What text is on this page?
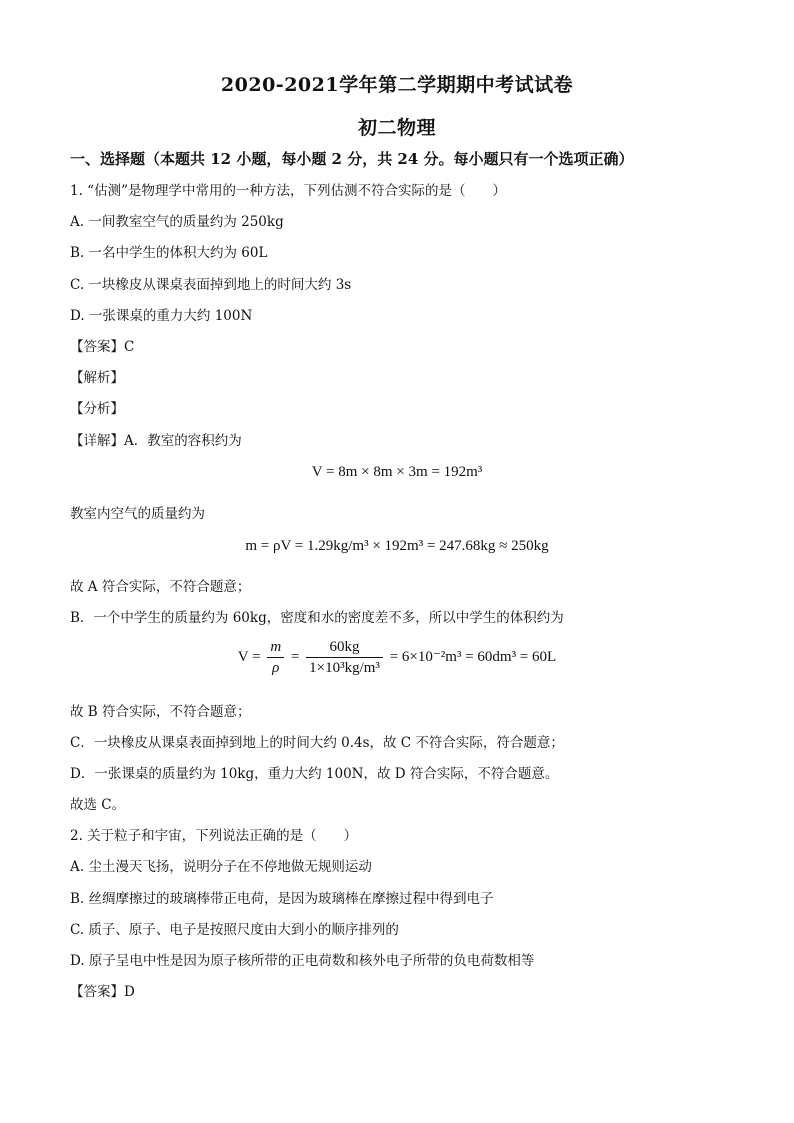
2020-2021学年第二学期期中考试试卷
初二物理
一、选择题（本题共 12 小题，每小题 2 分，共 24 分。每小题只有一个选项正确）
1. “估测”是物理学中常用的一种方法，下列估测不符合实际的是（　　）
A. 一间教室空气的质量约为 250kg
B. 一名中学生的体积大约为 60L
C. 一块橡皮从课桌表面掉到地上的时间大约 3s
D. 一张课桌的重力大约 100N
【答案】C
【解析】
【分析】
【详解】A．教室的容积约为
V = 8m × 8m × 3m = 192m³
教室内空气的质量约为
m = ρV = 1.29kg/m³ × 192m³ = 247.68kg ≈ 250kg
故 A 符合实际，不符合题意；
B．一个中学生的质量约为 60kg，密度和水的密度差不多，所以中学生的体积约为
$V = \frac{m}{\rho} = \frac{60kg}{\text{1×10³kg/m³}} = 6\times 10^{-2}m^3 = 60dm^3 = 60L$
故 B 符合实际，不符合题意；
C．一块橡皮从课桌表面掉到地上的时间大约 0.4s，故 C 不符合实际，符合题意；
D．一张课桌的质量约为 10kg，重力大约 100N，故 D 符合实际，不符合题意。
故选 C。
2. 关于粒子和宇宙，下列说法正确的是（　　）
A. 尘土漫天飞扬，说明分子在不停地做无规则运动
B. 丝绸摩擦过的玻璃棒带正电荷，是因为玻璃棒在摩擦过程中得到电子
C. 质子、原子、电子是按照尺度由大到小的顺序排列的
D. 原子呈电中性是因为原子核所带的正电荷数和核外电子所带的负电荷数相等
【答案】D
